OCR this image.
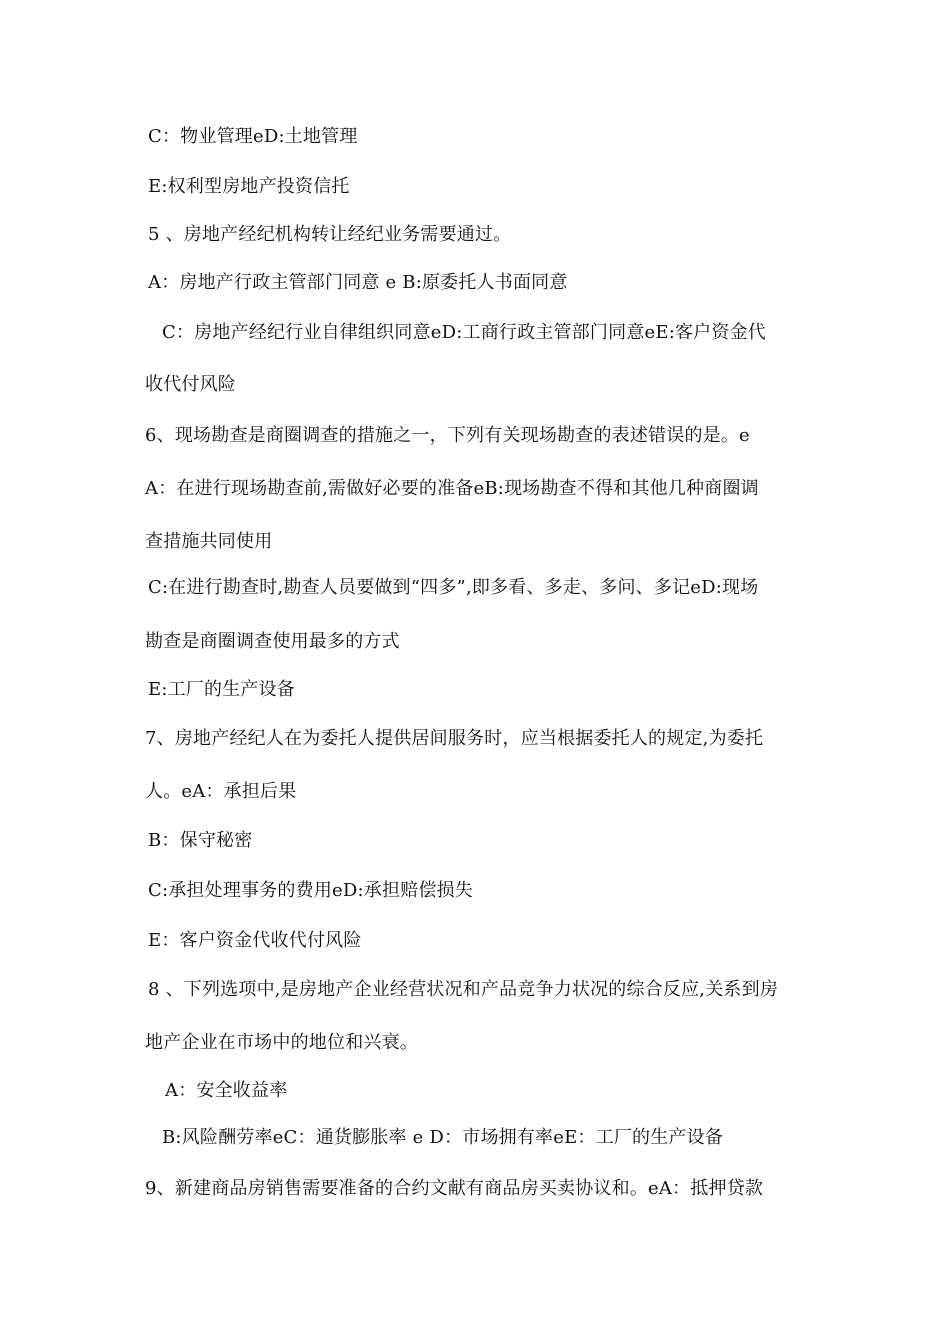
C：物业管理еD:土地管理
E:权利型房地产投资信托
5 、房地产经纪机构转让经纪业务需要通过。
A：房地产行政主管部门同意 е B:原委托人书面同意
C：房地产经纪行业自律组织同意еD:工商行政主管部门同意еE:客户资金代
收代付风险
6、现场勘查是商圈调查的措施之一，下列有关现场勘查的表述错误的是。е
A：在进行现场勘查前,需做好必要的准备еB:现场勘查不得和其他几种商圈调
查措施共同使用
C:在进行勘查时,勘查人员要做到“四多”,即多看、多走、多问、多记еD:现场
勘查是商圈调查使用最多的方式
E:工厂的生产设备
7、房地产经纪人在为委托人提供居间服务时，应当根据委托人的规定,为委托
人。еA：承担后果
B：保守秘密
C:承担处理事务的费用еD:承担赔偿损失
E：客户资金代收代付风险
8 、下列选项中,是房地产企业经营状况和产品竞争力状况的综合反应,关系到房
地产企业在市场中的地位和兴衰。
A：安全收益率
B:风险酬劳率еC：通货膨胀率 е D：市场拥有率еE：工厂的生产设备
9、新建商品房销售需要准备的合约文献有商品房买卖协议和。еA：抵押贷款
